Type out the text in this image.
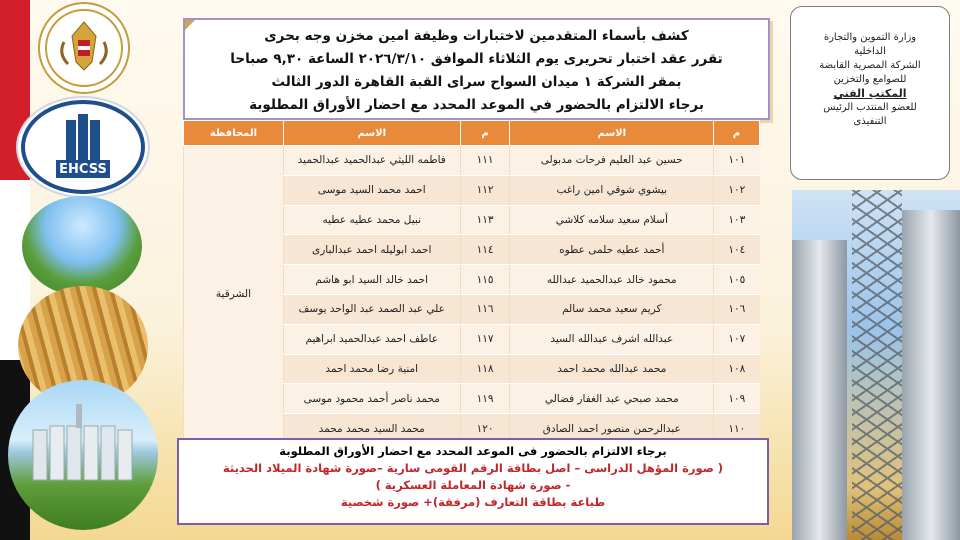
EHCSS
كشف بأسماء المتقدمين لاختبارات وظيفة امين مخزن وجه بحرى
تقرر عقد اختبار تحريرى يوم الثلاثاء الموافق ٢٠٢٦/٣/١٠ الساعة ٩,٣٠ صباحا
بمقر الشركة ١ ميدان السواح سراى القبة القاهرة الدور الثالث
برجاء الالتزام بالحضور في الموعد المحدد مع احضار الأوراق المطلوبة
وزارة التموين والتجارة
الداخلية
الشركة المصرية القابضة
للصوامع والتخزين
المكتب الفني
للعضو المنتدب الرئيس
التنفيذى
م	الاسم	م	الاسم	المحافظة
١٠١	حسين عبد العليم فرحات مدبولى	١١١	فاطمه الليثي عبدالحميد عبدالحميد	الشرقية
١٠٢	بيشوي شوقي امين راغب	١١٢	احمد محمد السيد موسى	
١٠٣	أسلام سعيد سلامه كلاشي	١١٣	نبيل محمد عطيه عطيه	
١٠٤	أحمد عطيه حلمى عطوه	١١٤	احمد ابوليله احمد عبدالبارى	
١٠٥	محمود خالد عبدالحميد عبدالله	١١٥	احمد خالد السيد ابو هاشم	
١٠٦	كريم سعيد محمد سالم	١١٦	علي عبد الصمد عبد الواحد يوسف	
١٠٧	عبدالله اشرف عبدالله السيد	١١٧	عاطف احمد عبدالحميد ابراهيم	
١٠٨	محمد عبدالله محمد احمد	١١٨	امنية رضا محمد احمد	
١٠٩	محمد صبحي عبد الغفار فضالي	١١٩	محمد ناصر أحمد محمود موسى	
١١٠	عبدالرحمن منصور احمد الصادق	١٢٠	محمد السيد محمد محمد	
برجاء الالتزام بالحضور فى الموعد المحدد مع احضار الأوراق المطلوبة
( صورة المؤهل الدراسى – اصل بطاقة الرقم القومى سارية –صورة شهادة الميلاد الحديثة
- صورة شهادة المعاملة العسكرية )
طباعة بطاقة التعارف (مرفقة)+ صورة شخصية
